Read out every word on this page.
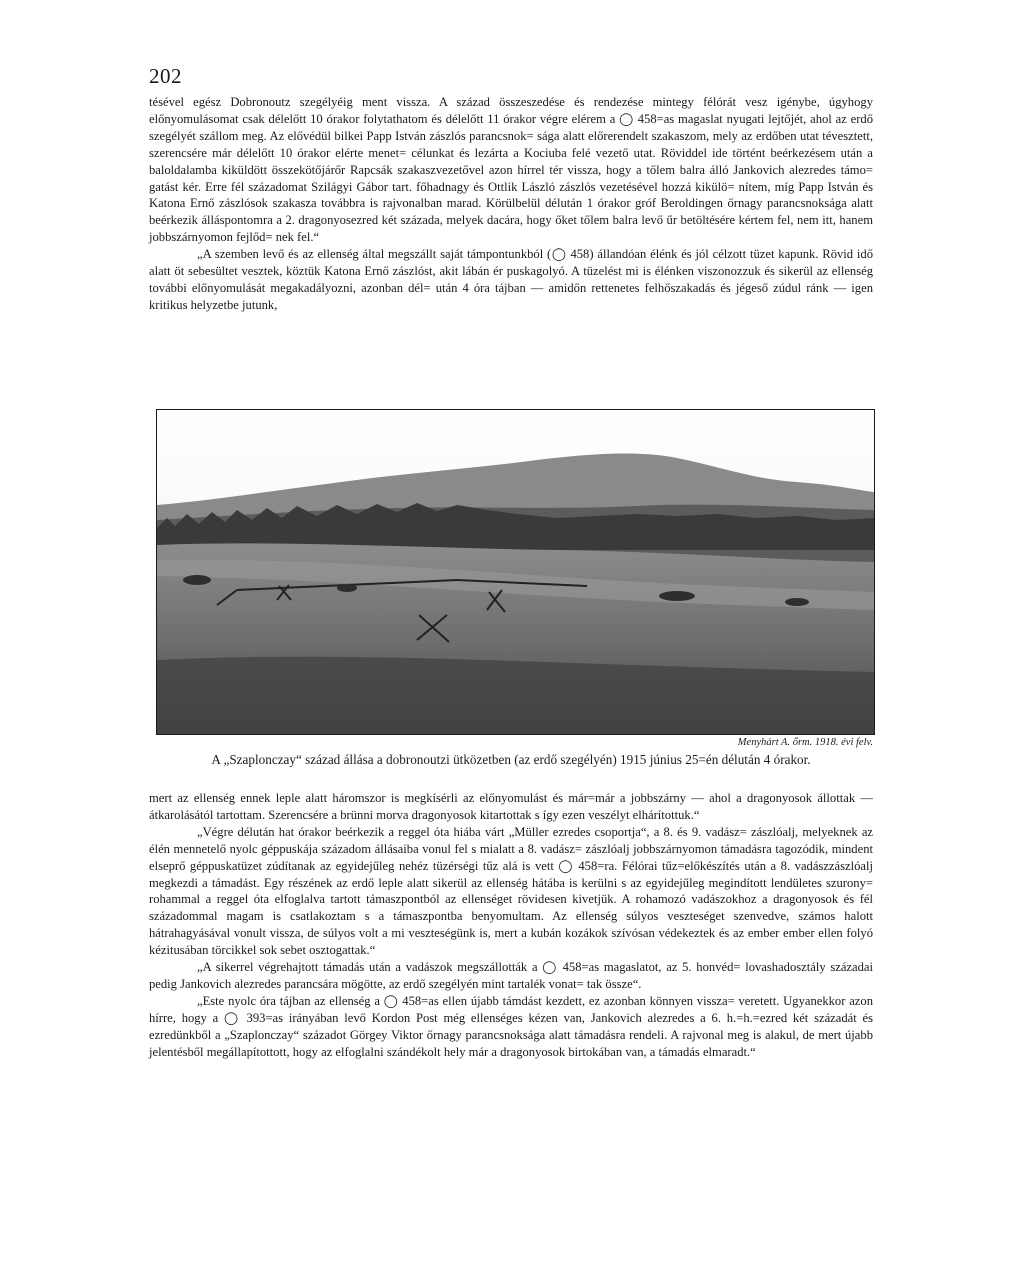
202

tésével egész Dobronoutz szegélyéig ment vissza. A század összeszedése és rendezése mintegy félórát vesz igénybe, úgyhogy előnyomulásomat csak délelőtt 10 órakor folytathatom és délelőtt 11 órakor végre elérem a ◯ 458=as magaslat nyugati lejtőjét, ahol az erdő szegélyét szállom meg. Az elővédül bilkei Papp István zászlós parancsnok= sága alatt előrerendelt szakaszom, mely az erdőben utat tévesztett, szerencsére már délelőtt 10 órakor elérte menet= célunkat és lezárta a Kociuba felé vezető utat. Röviddel ide történt beérkezésem után a baloldalamba kiküldött összekötőjárőr Rapcsák szakaszvezetővel azon hírrel tér vissza, hogy a tőlem balra álló Jankovich alezredes támo= gatást kér. Erre fél századomat Szilágyi Gábor tart. főhadnagy és Ottlik László zászlós vezetésével hozzá kikülö= nítem, míg Papp István és Katona Ernő zászlósok szakasza továbbra is rajvonalban marad. Körülbelül délután 1 órakor gróf Beroldingen őrnagy parancsnoksága alatt beérkezik álláspontomra a 2. dragonyosezred két százada, melyek dacára, hogy őket tőlem balra levő űr betöltésére kértem fel, nem itt, hanem jobbszárnyomon fejlőd= nek fel.“

„A szemben levő és az ellenség által megszállt saját támpontunkból (◯ 458) állandóan élénk és jól célzott tüzet kapunk. Rövid idő alatt öt sebesültet vesztek, köztük Katona Ernő zászlóst, akit lábán ér puskagolyó. A tüzelést mi is élénken viszonozzuk és sikerül az ellenség további előnyomulását megakadályozni, azonban dél= után 4 óra tájban — amidőn rettenetes felhőszakadás és jégeső zúdul ránk — igen kritikus helyzetbe jutunk,

Menyhárt A. őrm. 1918. évi felv.
A „Szaplonczay“ század állása a dobronoutzi ütközetben (az erdő szegélyén) 1915 június 25=én délután 4 órakor.

mert az ellenség ennek leple alatt háromszor is megkísérli az előnyomulást és már=már a jobbszárny — ahol a dragonyosok állottak — átkarolásától tartottam. Szerencsére a brünni morva dragonyosok kitartottak s így ezen veszélyt elhárítottuk.“

„Végre délután hat órakor beérkezik a reggel óta hiába várt „Müller ezredes csoportja“, a 8. és 9. vadász= zászlóalj, melyeknek az élén mennetelő nyolc géppuskája századom állásaiba vonul fel s mialatt a 8. vadász= zászlóalj jobbszárnyomon támadásra tagozódik, mindent elseprő géppuskatüzet zúdítanak az egyidejűleg nehéz tüzérségi tűz alá is vett ◯ 458=ra. Félórai tűz=előkészítés után a 8. vadászzászlóalj megkezdi a támadást. Egy részének az erdő leple alatt sikerül az ellenség hátába is kerülni s az egyidejűleg megindított lendületes szurony= rohammal a reggel óta elfoglalva tartott támaszpontból az ellenséget rövidesen kivetjük. A rohamozó vadászokhoz a dragonyosok és fél századommal magam is csatlakoztam s a támaszpontba benyomultam. Az ellenség súlyos veszteséget szenvedve, számos halott hátrahagyásával vonult vissza, de súlyos volt a mi veszteségünk is, mert a kubán kozákok szívósan védekeztek és az ember ember ellen folyó kézitusában törcikkel sok sebet osztogattak.“

„A sikerrel végrehajtott támadás után a vadászok megszállották a ◯ 458=as magaslatot, az 5. honvéd= lovashadosztály századai pedig Jankovich alezredes parancsára mögötte, az erdő szegélyén mint tartalék vonat= tak össze“.

„Este nyolc óra tájban az ellenség a ◯ 458=as ellen újabb támdást kezdett, ez azonban könnyen vissza= veretett. Ugyanekkor azon hírre, hogy a ◯ 393=as irányában levő Kordon Post még ellenséges kézen van, Jankovich alezredes a 6. h.=h.=ezred két századát és ezredünkből a „Szaplonczay“ századot Görgey Viktor őrnagy parancsnoksága alatt támadásra rendeli. A rajvonal meg is alakul, de mert újabb jelentésből megállapítottott, hogy az elfoglalni szándékolt hely már a dragonyosok birtokában van, a támadás elmaradt.“
